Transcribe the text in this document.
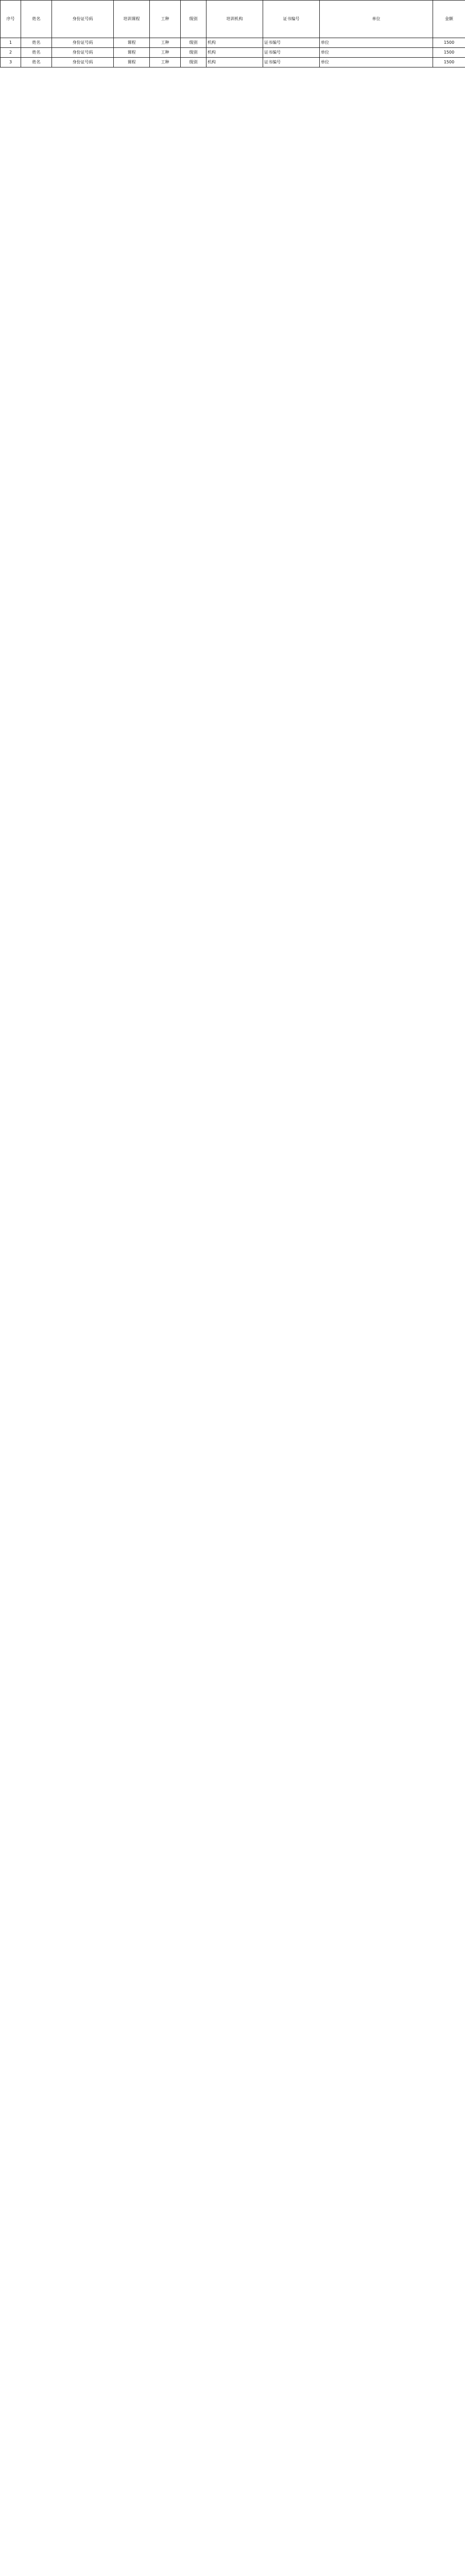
序号	姓名	身份证号码	培训课程	工种	级别	培训机构	证书编号	单位	金额
1	姓名	身份证号码	课程	工种	级别	机构	证书编号	单位	1500
2	姓名	身份证号码	课程	工种	级别	机构	证书编号	单位	1500
3	姓名	身份证号码	课程	工种	级别	机构	证书编号	单位	1500
